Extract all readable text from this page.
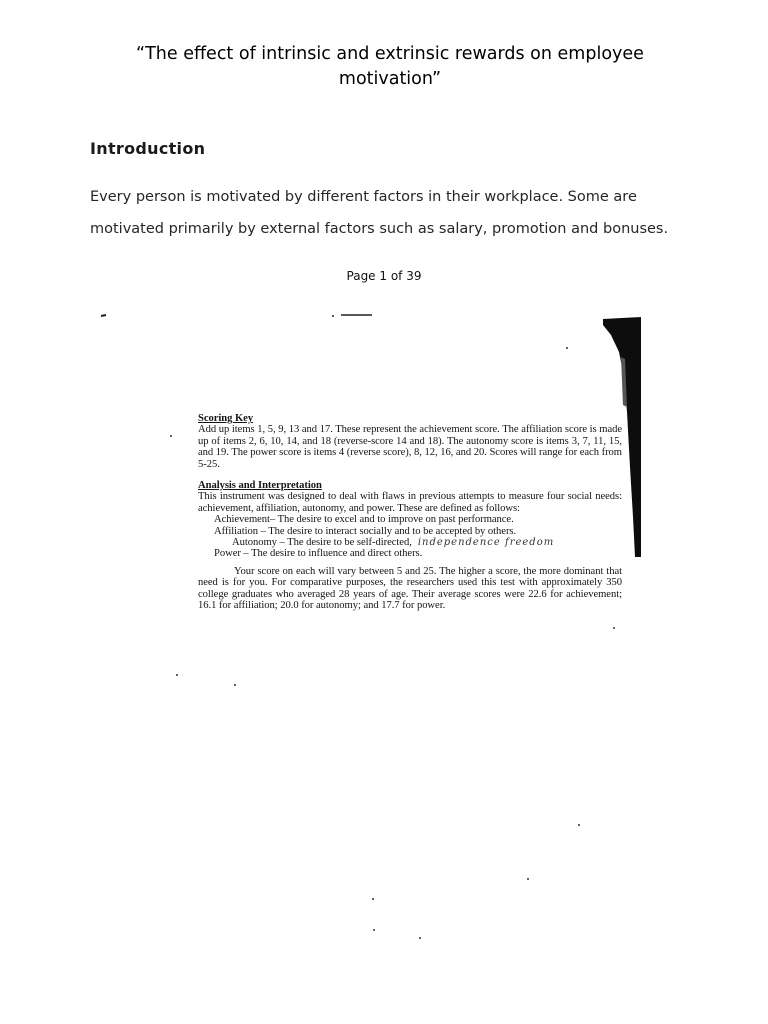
“The effect of intrinsic and extrinsic rewards on employee motivation”
Introduction
Every person is motivated by different factors in their workplace. Some are
motivated primarily by external factors such as salary, promotion and bonuses.
Page 1 of 39
Scoring Key

Add up items 1, 5, 9, 13 and 17. These represent the achievement score. The affiliation score is made up of items 2, 6, 10, 14, and 18 (reverse-score 14 and 18). The autonomy score is items 3, 7, 11, 15, and 19. The power score is items 4 (reverse score), 8, 12, 16, and 20. Scores will range for each from 5-25.

Analysis and Interpretation

This instrument was designed to deal with flaws in previous attempts to measure four social needs: achievement, affiliation, autonomy, and power. These are defined as follows:

Achievement– The desire to excel and to improve on past performance.
Affiliation – The desire to interact socially and to be accepted by others.
Autonomy – The desire to be self-directed, independence freedom
Power – The desire to influence and direct others.

Your score on each will vary between 5 and 25. The higher a score, the more dominant that need is for you. For comparative purposes, the researchers used this test with approximately 350 college graduates who averaged 28 years of age. Their average scores were 22.6 for achievement; 16.1 for affiliation; 20.0 for autonomy; and 17.7 for power.
